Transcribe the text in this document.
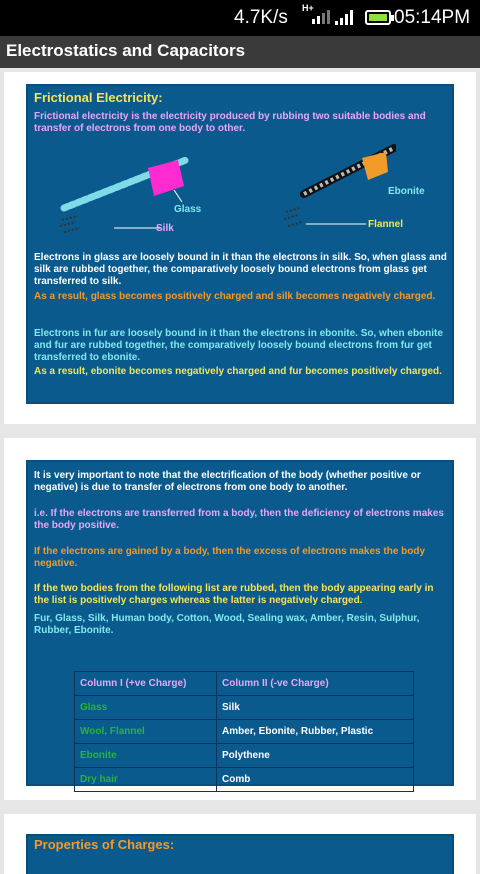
4.7K/s H+	05:14PM
Electrostatics and Capacitors
Frictional Electricity:
Frictional electricity is the electricity produced by rubbing two suitable bodies and transfer of electrons from one body to other.
Glass
Silk
Ebonite
Flannel
Electrons in glass are loosely bound in it than the electrons in silk. So, when glass and silk are rubbed together, the comparatively loosely bound electrons from glass get transferred to silk.
As a result, glass becomes positively charged and silk becomes negatively charged.
Electrons in fur are loosely bound in it than the electrons in ebonite. So, when ebonite and fur are rubbed together, the comparatively loosely bound electrons from fur get transferred to ebonite.
As a result, ebonite becomes negatively charged and fur becomes positively charged.
It is very important to note that the electrification of the body (whether positive or negative) is due to transfer of electrons from one body to another.
i.e. If the electrons are transferred from a body, then the deficiency of electrons makes the body positive.
If the electrons are gained by a body, then the excess of electrons makes the body negative.
If the two bodies from the following list are rubbed, then the body appearing early in the list is positively charges whereas the latter is negatively charged.
Fur, Glass, Silk, Human body, Cotton, Wood, Sealing wax, Amber, Resin, Sulphur, Rubber, Ebonite.
Column I (+ve Charge)	Column II (-ve Charge)
Glass	Silk
Wool, Flannel	Amber, Ebonite, Rubber, Plastic
Ebonite	Polythene
Dry hair	Comb
Properties of Charges:
